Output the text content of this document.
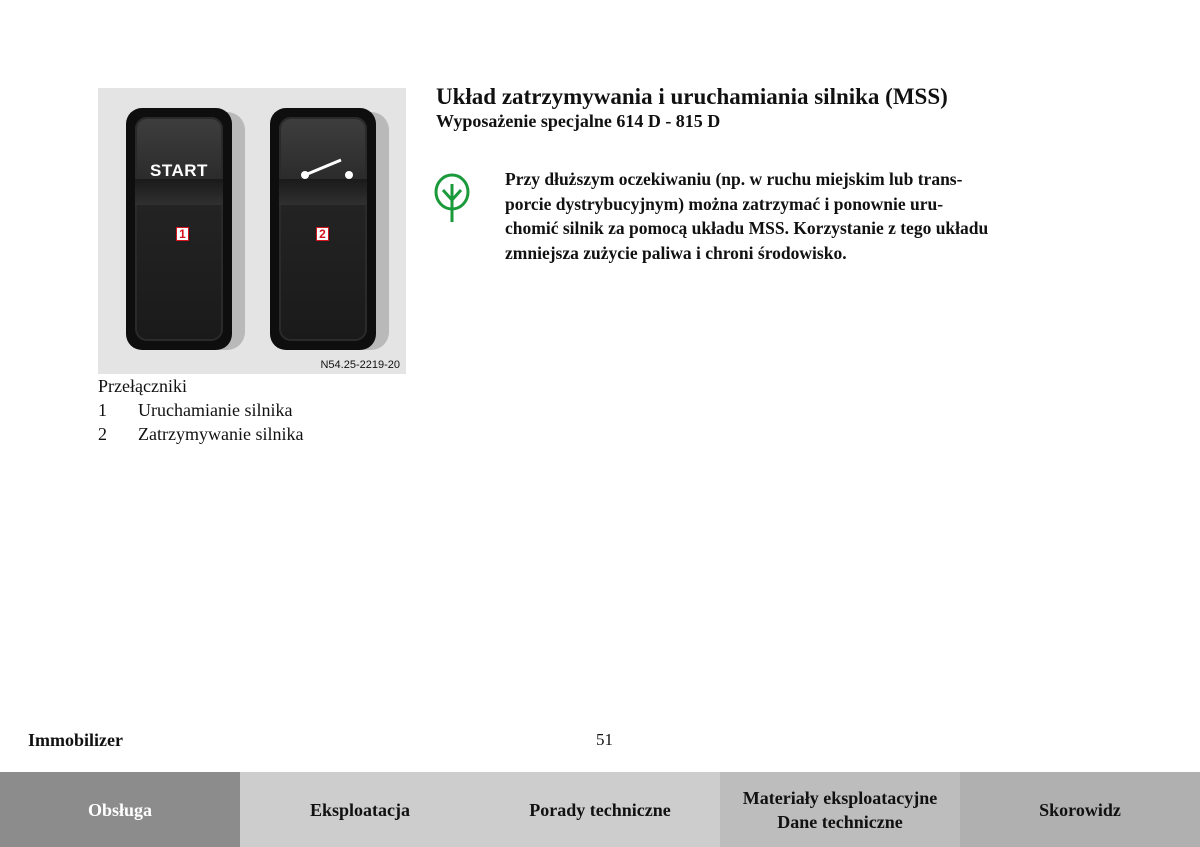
START
1	2
N54.25-2219-20
Przełączniki
1	Uruchamianie silnika
2	Zatrzymywanie silnika
Układ zatrzymywania i uruchamiania silnika (MSS)
Wyposażenie specjalne 614 D - 815 D
Przy dłuższym oczekiwaniu (np. w ruchu miejskim lub trans-
porcie dystrybucyjnym) można zatrzymać i ponownie uru-
chomić silnik za pomocą układu MSS. Korzystanie z tego układu
zmniejsza zużycie paliwa i chroni środowisko.
Immobilizer	51
Obsługa	Eksploatacja	Porady techniczne
Materiały eksploatacyjne
Dane techniczne
Skorowidz
